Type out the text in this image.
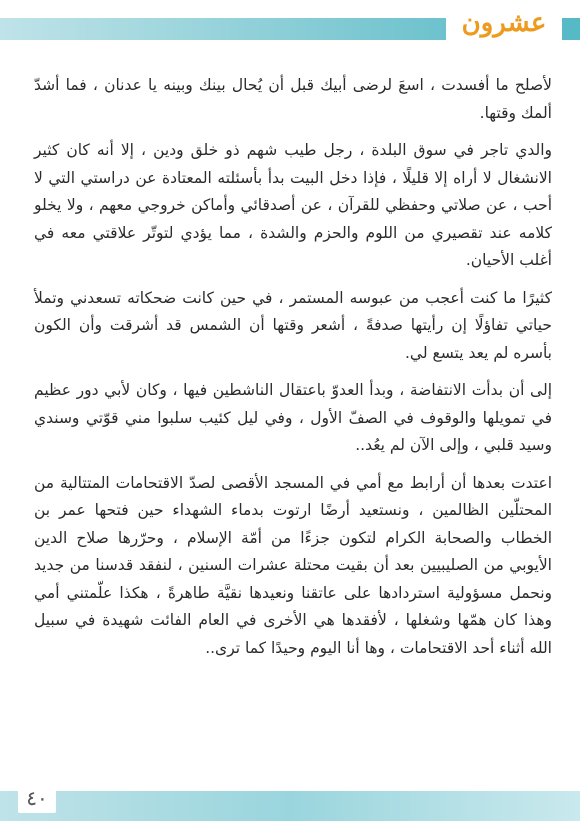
عشرون

لأصلح ما أفسدت ، اسعَ لرضى أبيك قبل أن يُحال بينك وبينه يا عدنان ، فما أشدّ ألمك وقتها.

والدي تاجر في سوق البلدة ، رجل طيب شهم ذو خلق ودين ، إلا أنه كان كثير الانشغال لا أراه إلا قليلًا ، فإذا دخل البيت بدأ بأسئلته المعتادة عن دراستي التي لا أحب ، عن صلاتي وحفظي للقرآن ، عن أصدقائي وأماكن خروجي معهم ، ولا يخلو كلامه عند تقصيري من اللوم والحزم والشدة ، مما يؤدي لتوتّر علاقتي معه في أغلب الأحيان.

كثيرًا ما كنت أعجب من عبوسه المستمر ، في حين كانت ضحكاته تسعدني وتملأ حياتي تفاؤلًا إن رأيتها صدفةً ، أشعر وقتها أن الشمس قد أشرقت وأن الكون بأسره لم يعد يتسع لي.

إلى أن بدأت الانتفاضة ، وبدأ العدوّ باعتقال الناشطين فيها ، وكان لأبي دور عظيم في تمويلها والوقوف في الصفّ الأول ، وفي ليل كئيب سلبوا مني قوّتي وسندي وسيد قلبي ، وإلى الآن لم يعُد..

اعتدت بعدها أن أرابط مع أمي في المسجد الأقصى لصدّ الاقتحامات المتتالية من المحتلّين الظالمين ، ونستعيد أرضًا ارتوت بدماء الشهداء حين فتحها عمر بن الخطاب والصحابة الكرام لتكون جزءًا من أمّة الإسلام ، وحرّرها صلاح الدين الأيوبي من الصليبيين بعد أن بقيت محتلة عشرات السنين ، لنفقد قدسنا من جديد ونحمل مسؤولية استردادها على عاتقنا ونعيدها نقيَّة طاهرةً ، هكذا علّمتني أمي وهذا كان همّها وشغلها ، لأفقدها هي الأخرى في العام الفائت شهيدة في سبيل الله أثناء أحد الاقتحامات ، وها أنا اليوم وحيدًا كما ترى..

٤٠
